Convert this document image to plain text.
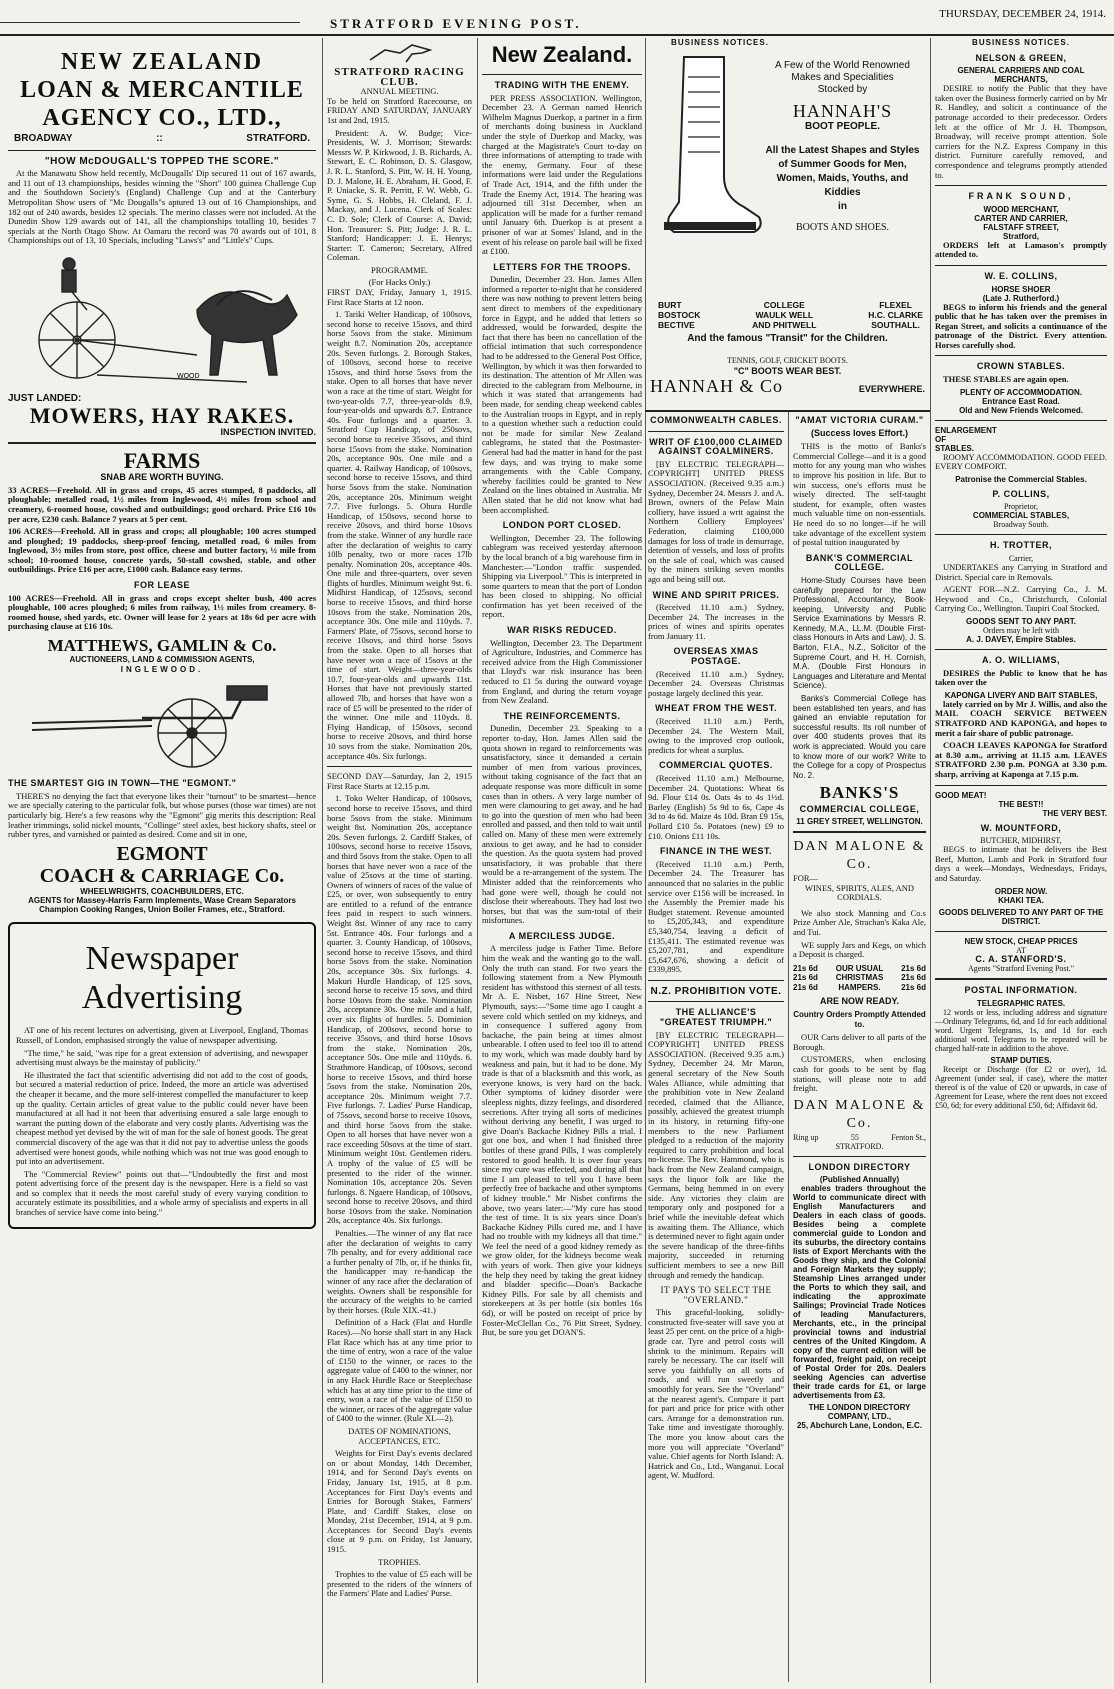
STRATFORD EVENING POST.
THURSDAY, DECEMBER 24, 1914.
NEW ZEALAND
LOAN & MERCANTILE
AGENCY CO., LTD.,
BROADWAY	::	STRATFORD.
"HOW McDOUGALL'S TOPPED THE SCORE."

At the Manawatu Show held recently, McDougalls' Dip secured 11 out of 167 awards, and 11 out of 13 championships, besides winning the "Short" 100 guinea Challenge Cup and the Southdown Society's (England) Challenge Cup and at the Canterbury Metropolitan Show users of "Mc Dougalls"s aptured 13 out of 16 Championships, and 182 out of 240 awards, besides 12 specials. The merino classes were not included. At the Dunedin Show 129 awards out of 141, all the championships totalling 10, besides 7 specials at the North Otago Show. At Oamaru the record was 70 awards out of 101, 8 Championships out of 13, 10 Specials, including "Laws's" and "Little's" Cups.

WOOD
JUST LANDED:
MOWERS, HAY RAKES.
INSPECTION INVITED.
FARMS
SNAB ARE WORTH BUYING.

33 ACRES—Freehold. All in grass and crops, 45 acres stumped, 8 paddocks, all ploughable; metalled road, 1½ miles from Inglewood, 4½ miles from school and creamery, 6-roomed house, cowshed and outbuildings; good orchard. Price £16 10s per acre, £230 cash. Balance 7 years at 5 per cent.

106 ACRES—Freehold. All in grass and crops; all ploughable; 100 acres stumped and ploughed; 19 paddocks, sheep-proof fencing, metalled road, 6 miles from Inglewood, 3½ miles from store, post office, cheese and butter factory, ½ mile from school; 10-roomed house, concrete yards, 50-stall cowshed, stable, and other outbuildings. Price £16 per acre, £1000 cash. Balance easy terms.

FOR LEASE

100 ACRES—Freehold. All in grass and crops except shelter bush, 400 acres ploughable, 100 acres ploughed; 6 miles from railway, 1½ miles from creamery. 8-roomed house, shed yards, etc. Owner will lease for 2 years at 18s 6d per acre with purchasing clause at £16 10s.

MATTHEWS, GAMLIN & Co.
AUCTIONEERS, LAND & COMMISSION AGENTS,
INGLEWOOD.
THE SMARTEST GIG IN TOWN—THE "EGMONT."

THERE'S no denying the fact that everyone likes their "turnout" to be smartest—hence we are specially catering to the particular folk, but whose purses (those war times) are not particularly big. Here's a few reasons why the "Egmont" gig merits this description: Real leather trimmings, solid nickel mounts, "Collinge" steel axles, best hickory shafts, steel or rubber tyres, and varnished or painted as desired. Come and sit in one,

EGMONT
COACH & CARRIAGE Co.
WHEELWRIGHTS, COACHBUILDERS, ETC.
AGENTS for Massey-Harris Farm Implements, Wase Cream Separators Champion Cooking Ranges, Union Boiler Frames, etc., Stratford.
Newspaper
Advertising

AT one of his recent lectures on advertising, given at Liverpool, England, Thomas Russell, of London, emphasised strongly the value of newspaper advertising.

"The time," he said, "was ripe for a great extension of advertising, and newspaper advertising must always be the mainstay of publicity."

He illustrated the fact that scientific advertising did not add to the cost of goods, but secured a material reduction of price. Indeed, the more an article was advertised the cheaper it became, and the more self-interest compelled the manufacturer to keep up the quality. Certain articles of great value to the public could never have been manufactured at all had it not been that advertising ensured a sale large enough to warrant the putting down of the elaborate and very costly plants. Advertising was the cheapest method yet devised by the wit of man for the sale of honest goods. The great commercial discovery of the age was that it did not pay to advertise unless the goods advertised were honest goods, while nothing which was not true was good enough to put into an advertisement.

The "Commercial Review" points out that—"Undoubtedly the first and most potent advertising force of the present day is the newspaper. Here is a field so vast and so complex that it needs the most careful study of every varying condition to accurately estimate its possibilities, and a whole army of specialists and experts in all branches of service have come into being."

STRATFORD RACING CLUB.
ANNUAL MEETING.

To be held on Stratford Racecourse, on FRIDAY AND SATURDAY, JANUARY 1st and 2nd, 1915.

President: A. W. Budge; Vice-Presidents, W. J. Morrison; Stewards: Messrs W. P. Kirkwood, J. B. Richards, A. Stewart, E. C. Robinson, D. S. Glasgow, J. R. L. Stanford, S. Pitt, W. H. H. Young, D. J. Malone, H. E. Abraham, H. Good, F. P. Uniacke, S. R. Perritt, F. W. Webb, G. Syme, G. S. Hobbs, H. Cleland, F. J. Mackay, and J. Lucena. Clerk of Scales: C. D. Sole; Clerk of Course: A. David; Hon. Treasurer: S. Pitt; Judge: J. R. L. Stanford; Handicapper: J. E. Henrys; Starter: T. Cameron; Secretary, Alfred Coleman.

PROGRAMME.
(For Hacks Only.)

FIRST DAY, Friday, January 1, 1915. First Race Starts at 12 noon.

1. Tariki Welter Handicap, of 100sovs, second horse to receive 15sovs, and third horse 5sovs from the stake. Minimum weight 8.7. Nomination 20s, acceptance 20s. Seven furlongs. 2. Borough Stakes, of 100sovs, second horse to receive 15sovs, and third horse 5sovs from the stake. Open to all horses that have never won a race at the time of start. Weight for two-year-olds 7.7, three-year-olds 8.9, four-year-olds and upwards 8.7. Entrance 40s. Four furlongs and a quarter. 3. Stratford Cup Handicap, of 250sovs, second horse to receive 35sovs, and third horse 15sovs from the stake. Nomination 20s, acceptance 90s. One mile and a quarter. 4. Railway Handicap, of 100sovs, second horse to receive 15sovs, and third horse 5sovs from the stake. Nomination 20s, acceptance 20s. Minimum weight 7.7. Five furlongs. 5. Ohura Hurdle Handicap, of 150sovs, second horse to receive 20sovs, and third horse 10sovs from the stake. Winner of any hurdle race after the declaration of weights to carry 10lb penalty, two or more races 17lb penalty. Nomination 20s, acceptance 40s. One mile and three-quarters, over seven flights of hurdles. Minimum weight 9st. 6. Midhirst Handicap, of 125sovs, second horse to receive 15sovs, and third horse 10sovs from the stake. Nomination 20s, acceptance 30s. One mile and 110yds. 7. Farmers' Plate, of 75sovs, second horse to receive 10sovs, and third horse 5sovs from the stake. Open to all horses that have never won a race of 15sovs at the time of start. Weight—three-year-olds 10.7, four-year-olds and upwards 11st. Horses that have not previously started allowed 7lb, and horses that have won a race of £5 will be presented to the rider of the winner. One mile and 110yds. 8. Flying Handicap, of 150sovs, second horse to receive 20sovs, and third horse 10 sovs from the stake. Nomination 20s, acceptance 40s. Six furlongs.

SECOND DAY—Saturday, Jan 2, 1915 First Race Starts at 12.15 p.m.

1. Toko Welter Handicap, of 100sovs, second horse to receive 15sovs, and third horse 5sovs from the stake. Minimum weight 8st. Nomination 20s, acceptance 20s. Seven furlongs. 2. Cardiff Stakes, of 100sovs, second horse to receive 15sovs, and third 5sovs from the stake. Open to all horses that have never won a race of the value of 25sovs at the time of starting. Owners of winners of races of the value of £25, or over, won subsequently to entry are entitled to a refund of the entrance fees paid in respect to such winners. Weight 8st. Winner of any race to carry 5st. Entrance 40s. Four furlongs and a quarter. 3. County Handicap, of 100sovs, second horse to receive 15sovs, and third horse 5sovs from the stake. Nomination 20s, acceptance 30s. Six furlongs. 4. Makuri Hurdle Handicap, of 125 sovs, second horse to receive 15 sovs, and third horse 10sovs from the stake. Nomination 20s, acceptance 30s. One mile and a half, over six flights of hurdles. 5. Dominion Handicap, of 200sovs, second horse to receive 35sovs, and third horse 10sovs from the stake. Nomination 20s, acceptance 50s. One mile and 110yds. 6. Strathmore Handicap, of 100sovs, second horse to receive 15sovs, and third horse 5sovs from the stake. Nomination 20s, acceptance 20s. Minimum weight 7.7. Five furlongs. 7. Ladies' Purse Handicap, of 75sovs, second horse to receive 10sovs, and third horse 5sovs from the stake. Open to all horses that have never won a race exceeding 50sovs at the time of start. Minimum weight 10st. Gentlemen riders. A trophy of the value of £5 will be presented to the rider of the winner. Nomination 10s, acceptance 20s. Seven furlongs. 8. Ngaere Handicap, of 100sovs, second horse to receive 20sovs, and third horse 10sovs from the stake. Nomination 20s, acceptance 40s. Six furlongs.

Penalties.—The winner of any flat race after the declaration of weights to carry 7lb penalty, and for every additional race a further penalty of 7lb, or, if he thinks fit, the handicapper may re-handicap the winner of any race after the declaration of weights. Owners shall be responsible for the accuracy of the weights to be carried by their horses. (Rule XIX.-41.)

Definition of a Hack (Flat and Hurdle Races).—No horse shall start in any Hack Flat Race which has at any time prior to the time of entry, won a race of the value of £150 to the winner, or races to the aggregate value of £400 to the winner, nor in any Hack Hurdle Race or Steeplechase which has at any time prior to the time of entry, won a race of the value of £150 to the winner, or races of the aggregate value of £400 to the winner. (Rule XI.—2).

DATES OF NOMINATIONS, ACCEPTANCES, ETC.

Weights for First Day's events declared on or about Monday, 14th December, 1914, and for Second Day's events on Friday, January 1st, 1915, at 8 p.m. Acceptances for First Day's events and Entries for Borough Stakes, Farmers' Plate, and Cardiff Stakes, close on Monday, 21st December, 1914, at 9 p.m. Acceptances for Second Day's events close at 9 p.m. on Friday, 1st January, 1915.

TROPHIES.

Trophies to the value of £5 each will be presented to the riders of the winners of the Farmers' Plate and Ladies' Purse.

New Zealand.
TRADING WITH THE ENEMY.

PER PRESS ASSOCIATION. Wellington, December 23. A German named Henrich Wilhelm Magnus Duerkop, a partner in a firm of merchants doing business in Auckland under the style of Duerkop and Macky, was charged at the Magistrate's Court to-day on three informations of attempting to trade with the enemy, Germany. Four of these informations were laid under the Regulations of Trade Act, 1914, and the fifth under the Trade the Enemy Act, 1914. The hearing was adjourned till 31st December, when an application will be made for a further remand until January 6th. Duerkop is at present a prisoner of war at Somes' Island, and in the event of his release on parole bail will be fixed at £100.

LETTERS FOR THE TROOPS.

Dunedin, December 23. Hon. James Allen informed a reporter to-night that he considered there was now nothing to prevent letters being sent direct to members of the expeditionary force in Egypt, and he added that letters so addressed, would be forwarded, despite the fact that there has been no cancellation of the official intimation that such correspondence had to be addressed to the General Post Office, Wellington, by which it was then forwarded to its destination. The attention of Mr Allen was directed to the cablegram from Melbourne, in which it was stated that arrangements had been made, for sending cheap weekend cables to the Australian troops in Egypt, and in reply to a question whether such a reduction could not be made for similar New Zealand cablegrams, he stated that the Postmaster-General had had the matter in hand for the past few days, and was trying to make some arrangements with the Cable Company, whereby facilities could be granted to New Zealand on the lines obtained in Australia. Mr Allen stated that he did not know what had been accomplished.

LONDON PORT CLOSED.

Wellington, December 23. The following cablegram was received yesterday afternoon by the local branch of a big warehouse firm in Manchester:—"London traffic suspended. Shipping via Liverpool." This is interpreted in some quarters to mean that the port of London has been closed to shipping. No official confirmation has yet been received of the report.

WAR RISKS REDUCED.

Wellington, December 23. The Department of Agriculture, Industries, and Commerce has received advice from the High Commissioner that Lloyd's war risk insurance has been reduced to £1 5s during the outward voyage from England, and during the return voyage from New Zealand.

THE REINFORCEMENTS.

Dunedin, December 23. Speaking to a reporter to-day, Hon. James Allen said the quota shown in regard to reinforcements was unsatisfactory, since it demanded a certain number of men from various provinces, without taking cognisance of the fact that an adequate response was more difficult in some cases than in others. A very large number of men were clamouring to get away, and he had to go into the question of men who had been enrolled and passed, and then told to wait until called on. Many of these men were extremely anxious to get away, and he had to consider the question. As the quota system had proved unsatisfactory, it was probable that there would be a re-arrangement of the system. The Minister added that the reinforcements who had gone were well, though he could not disclose their whereabouts. They had lost two horses, but that was the sum-total of their misfortunes.

A MERCILESS JUDGE.

A merciless judge is Father Time. Before him the weak and the wanting go to the wall. Only the truth can stand. For two years the following statement from a New Plymouth resident has withstood this sternest of all tests. Mr A. E. Nisbet, 167 Hine Street, New Plymouth, says:—"Some time ago I caught a severe cold which settled on my kidneys, and in consequence I suffered agony from backache, the pain being at times almost unbearable. I often used to feel too ill to attend to my work, which was made doubly hard by weakness and pain, but it had to be done. My trade is that of a blacksmith and this work, as everyone knows, is very hard on the back. Other symptoms of kidney disorder were sleepless nights, dizzy feelings, and disordered secretions. After trying all sorts of medicines without deriving any benefit, I was urged to give Doan's Backache Kidney Pills a trial. I got one box, and when I had finished three bottles of these grand Pills, I was completely restored to good health. It is over four years since my cure was effected, and during all that time I am pleased to tell you I have been perfectly free of backache and other symptoms of kidney trouble." Mr Nisbet confirms the above, two years later:—"My cure has stood the test of time. It is six years since Doan's Backache Kidney Pills cured me, and I have had no trouble with my kidneys all that time." We feel the need of a good kidney remedy as we grow older, for the kidneys become weak with years of work. Then give your kidneys the help they need by taking the great kidney and bladder specific—Doan's Backache Kidney Pills. For sale by all chemists and storekeepers at 3s per bottle (six bottles 16s 6d), or will be posted on receipt of price by Foster-McClellan Co., 76 Pitt Street, Sydney. But, be sure you get DOAN'S.

BUSINESS NOTICES.
A Few of the World Renowned
Makes and Specialities
Stocked by
HANNAH'S
BOOT PEOPLE.
All the Latest Shapes and Styles
of Summer Goods for Men, Women, Maids, Youths, and Kiddies
in
BOOTS AND SHOES.
BURT
BOSTOCK
BECTIVE
COLLEGE
WAULK WELL
AND PHITWELL
FLEXEL
H.C. CLARKE
SOUTHALL.
And the famous "Transit" for the Children.
TENNIS, GOLF, CRICKET BOOTS.
"C" BOOTS WEAR BEST.
HANNAH & Co	EVERYWHERE.
COMMONWEALTH CABLES.
WRIT OF £100,000 CLAIMED AGAINST COALMINERS.

[BY ELECTRIC TELEGRAPH—COPYRIGHT] UNITED PRESS ASSOCIATION. (Received 9.35 a.m.) Sydney, December 24. Messrs J. and A. Brown, owners of the Pelaw Main colliery, have issued a writ against the Northern Colliery Employees' Federation, claiming £100,000 damages for loss of trade in demurrage, detention of vessels, and loss of profits on the sale of coal, which was caused by the miners striking seven months ago and being still out.

WINE AND SPIRIT PRICES.

(Received 11.10 a.m.) Sydney, December 24. The increases in the prices of wines and spirits operates from January 11.

OVERSEAS XMAS POSTAGE.

(Received 11.10 a.m.) Sydney, December 24. Overseas Christmas postage largely declined this year.

WHEAT FROM THE WEST.

(Received 11.10 a.m.) Perth, December 24. The Western Mail, owing to the improved crop outlook, predicts for wheat a surplus.

COMMERCIAL QUOTES.

(Received 11.10 a.m.) Melbourne, December 24. Quotations: Wheat 6s 9d. Flour £14 0s. Oats 4s to 4s 1½d. Barley (English) 5s 9d to 6s, Cape 4s 3d to 4s 6d. Maize 4s 10d. Bran £9 15s, Pollard £10 5s. Potatoes (new) £9 to £10. Onions £11 10s.

FINANCE IN THE WEST.

(Received 11.10 a.m.) Perth, December 24. The Treasurer has announced that no salaries in the public service over £156 will be increased. In the Assembly the Premier made his Budget statement. Revenue amounted to £5,205,343, and expenditure £5,340,754, leaving a deficit of £135,411. The estimated revenue was £5,207,781, and expenditure £5,647,676, showing a deficit of £339,895.

N.Z. PROHIBITION VOTE.
THE ALLIANCE'S "GREATEST TRIUMPH."

[BY ELECTRIC TELEGRAPH—COPYRIGHT] UNITED PRESS ASSOCIATION. (Received 9.35 a.m.) Sydney, December 24. Mr Maron, general secretary of the New South Wales Alliance, while admitting that the prohibition vote in New Zealand receded, claimed that the Alliance, possibly, achieved the greatest triumph in its history, in returning fifty-one members to the new Parliament pledged to a reduction of the majority required to carry prohibition and local no-license. The Rev. Hammond, who is back from the New Zealand campaign, says the liquor folk are like the Germans, being hemmed in on every side. Any victories they claim are temporary only and postponed for a brief while the inevitable defeat which is awaiting them. The Alliance, which is determined never to fight again under the severe handicap of the three-fifths majority, succeeded in returning sufficient members to see a new Bill through and remedy the handicap.

IT PAYS TO SELECT THE "OVERLAND."

This graceful-looking, solidly-constructed five-seater will save you at least 25 per cent. on the price of a high-grade car. Tyre and petrol costs will shrink to the minimum. Repairs will rarely be necessary. The car itself will serve you faithfully on all sorts of roads, and will run sweetly and smoothly for years. See the "Overland" at the nearest agent's. Compare it part for part and price for price with other cars. Arrange for a demonstration run. Take time and investigate thoroughly. The more you know about cars the more you will appreciate "Overland" value. Chief agents for North Island: A. Hatrick and Co., Ltd., Wanganui. Local agent, W. Mudford.

"AMAT VICTORIA CURAM."
(Success loves Effort.)

THIS is the motto of Banks's Commercial College—and it is a good motto for any young man who wishes to improve his position in life. But to win success, one's efforts must be wisely directed. The self-taught student, for example, often wastes much valuable time on non-essentials. He need do so no longer—if he will take advantage of the excellent system of postal tuition inaugurated by

BANK'S COMMERCIAL COLLEGE.

Home-Study Courses have been carefully prepared for the Law Professional, Accountancy, Book-keeping, University and Public Service Examinations by Messrs R. Kennedy, M.A., LL.M. (Double First-class Honours in Arts and Law), J. S. Barton, F.I.A., N.Z., Solicitor of the Supreme Court, and H. H. Cornish, M.A. (Double First Honours in Languages and Literature and Mental Science).

Banks's Commercial College has been established ten years, and has gained an enviable reputation for successful results. Its roll number of over 400 students proves that its work is appreciated. Would you care to know more of our work? Write to the College for a copy of Prospectus No. 2.

BANKS'S
COMMERCIAL COLLEGE,
11 GREY STREET, WELLINGTON.
DAN MALONE & Co.
FOR—
WINES, SPIRITS, ALES, AND CORDIALS.

We also stock Manning and Co.s Prize Amber Ale, Strachan's Kaka Ale, and Tui.

WE supply Jars and Kegs, on which a Deposit is charged.

21s 6d
21s 6d
21s 6d
OUR USUAL
CHRISTMAS
HAMPERS.
21s 6d
21s 6d
21s 6d
ARE NOW READY.
Country Orders Promptly Attended to.

OUR Carts deliver to all parts of the Borough.

CUSTOMERS, when enclosing cash for goods to be sent by flag stations, will please note to add freight.

DAN MALONE & Co.
Ring up	55	Fenton St.,
STRATFORD.
LONDON DIRECTORY
(Published Annually)

enables traders throughout the World to communicate direct with English Manufacturers and Dealers in each class of goods. Besides being a complete commercial guide to London and its suburbs, the directory contains lists of Export Merchants with the Goods they ship, and the Colonial and Foreign Markets they supply; Steamship Lines arranged under the Ports to which they sail, and indicating the approximate Sailings; Provincial Trade Notices of leading Manufacturers, Merchants, etc., in the principal provincial towns and industrial centres of the United Kingdom. A copy of the current edition will be forwarded, freight paid, on receipt of Postal Order for 20s. Dealers seeking Agencies can advertise their trade cards for £1, or large advertisements from £3.

THE LONDON DIRECTORY COMPANY, LTD.,
25, Abchurch Lane, London, E.C.
BUSINESS NOTICES.
NELSON & GREEN,
GENERAL CARRIERS AND COAL MERCHANTS,

DESIRE to notify the Public that they have taken over the Business formerly carried on by Mr R. Handley, and solicit a continuance of the patronage accorded to their predecessor. Orders left at the office of Mr J. H. Thompson, Broadway, will receive prompt attention. Sole carriers for the N.Z. Express Company in this district. Furniture carefully removed, and correspondence and telegrams promptly attended to.

FRANK SOUND,
WOOD MERCHANT,
CARTER AND CARRIER,
FALSTAFF STREET,
Stratford,

ORDERS left at Lamason's promptly attended to.

W. E. COLLINS,
HORSE SHOER
(Late J. Rutherford.)

BEGS to inform his friends and the general public that he has taken over the premises in Regan Street, and solicits a continuance of the patronage of the District. Every attention. Horses carefully shod.

CROWN STABLES.

THESE STABLES are again open.

PLENTY OF ACCOMMODATION.
Entrance East Road.
Old and New Friends Welcomed.
ENLARGEMENT
OF
STABLES.

ROOMY ACCOMMODATION. GOOD FEED. EVERY COMFORT.

Patronise the Commercial Stables.
P. COLLINS,
Proprietor,
COMMERCIAL STABLES,
Broadway South.
H. TROTTER,
Carrier,

UNDERTAKES any Carrying in Stratford and District. Special care in Removals.

AGENT FOR—N.Z. Carrying Co., J. M. Heywood and Co., Christchurch, Colonial Carrying Co., Wellington. Taupiri Coal Stocked.

GOODS SENT TO ANY PART.
Orders may be left with
A. J. DAVEY, Empire Stables.
A. O. WILLIAMS,

DESIRES the Public to know that he has taken over the

KAPONGA LIVERY AND BAIT STABLES,

lately carried on by Mr J. Willis, and also the MAIL COACH SERVICE BETWEEN STRATFORD AND KAPONGA, and hopes to merit a fair share of public patronage.

COACH LEAVES KAPONGA for Stratford at 8.30 a.m., arriving at 11.15 a.m. LEAVES STRATFORD 2.30 p.m. PONGA at 3.30 p.m. sharp, arriving at Kaponga at 7.15 p.m.

GOOD MEAT!
THE BEST!!
THE VERY BEST.
W. MOUNTFORD,
BUTCHER, MIDHIRST,

BEGS to intimate that he delivers the Best Beef, Mutton, Lamb and Pork in Stratford four days a week—Mondays, Wednesdays, Fridays, and Saturday.

ORDER NOW.
KHAKI TEA.
GOODS DELIVERED TO ANY PART OF THE DISTRICT.
NEW STOCK, CHEAP PRICES
AT
C. A. STANFORD'S.
Agents "Stratford Evening Post."
POSTAL INFORMATION.
TELEGRAPHIC RATES.

12 words or less, including address and signature—Ordinary Telegrams, 6d, and 1d for each additional word. Urgent Telegrams, 1s, and 1d for each additional word. Telegrams to be repeated will be charged half-rate in addition to the above.

STAMP DUTIES.

Receipt or Discharge (for £2 or over), 1d. Agreement (under seal, if case), where the matter thereof is of the value of £20 or upwards, in case of Agreement for Lease, where the rent does not exceed £50, 6d; for every additional £50, 6d; Affidavit 6d.
